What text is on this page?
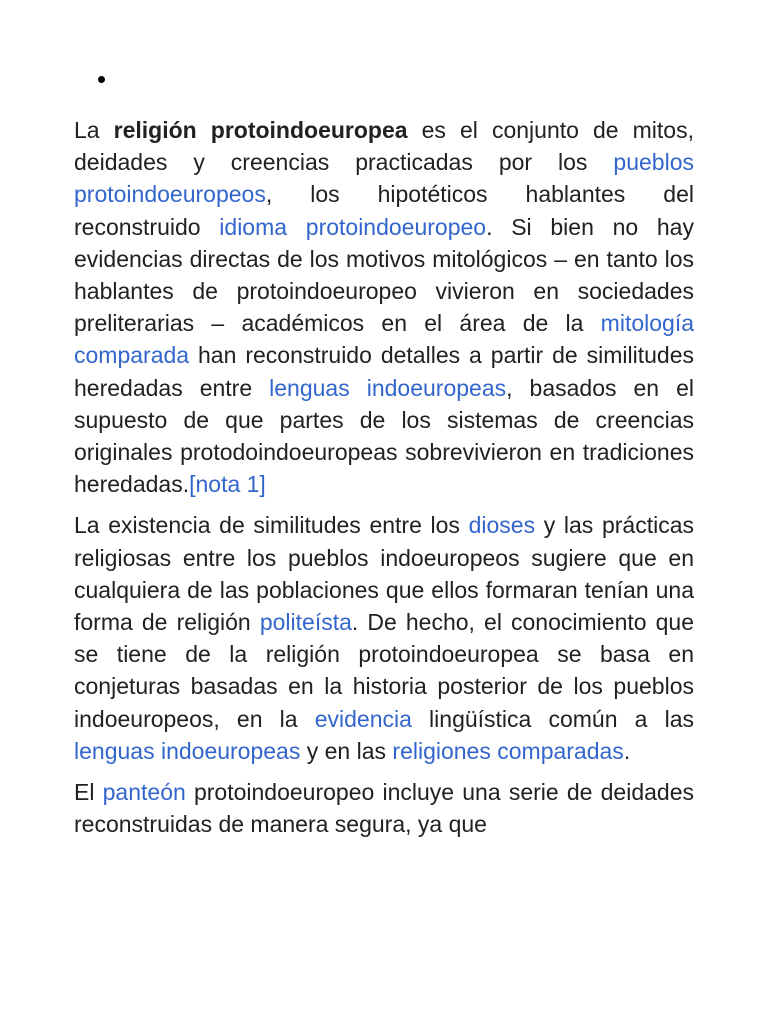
La religión protoindoeuropea es el conjunto de mitos, deidades y creencias practicadas por los pueblos protoindoeuropeos, los hipotéticos hablantes del reconstruido idioma protoindoeuropeo. Si bien no hay evidencias directas de los motivos mitológicos – en tanto los hablantes de protoindoeuropeo vivieron en sociedades preliterarias – académicos en el área de la mitología comparada han reconstruido detalles a partir de similitudes heredadas entre lenguas indoeuropeas, basados en el supuesto de que partes de los sistemas de creencias originales protodoindoeuropeas sobrevivieron en tradiciones heredadas.[nota 1]

La existencia de similitudes entre los dioses y las prácticas religiosas entre los pueblos indoeuropeos sugiere que en cualquiera de las poblaciones que ellos formaran tenían una forma de religión politeísta. De hecho, el conocimiento que se tiene de la religión protoindoeuropea se basa en conjeturas basadas en la historia posterior de los pueblos indoeuropeos, en la evidencia lingüística común a las lenguas indoeuropeas y en las religiones comparadas.

El panteón protoindoeuropeo incluye una serie de deidades reconstruidas de manera segura, ya que
